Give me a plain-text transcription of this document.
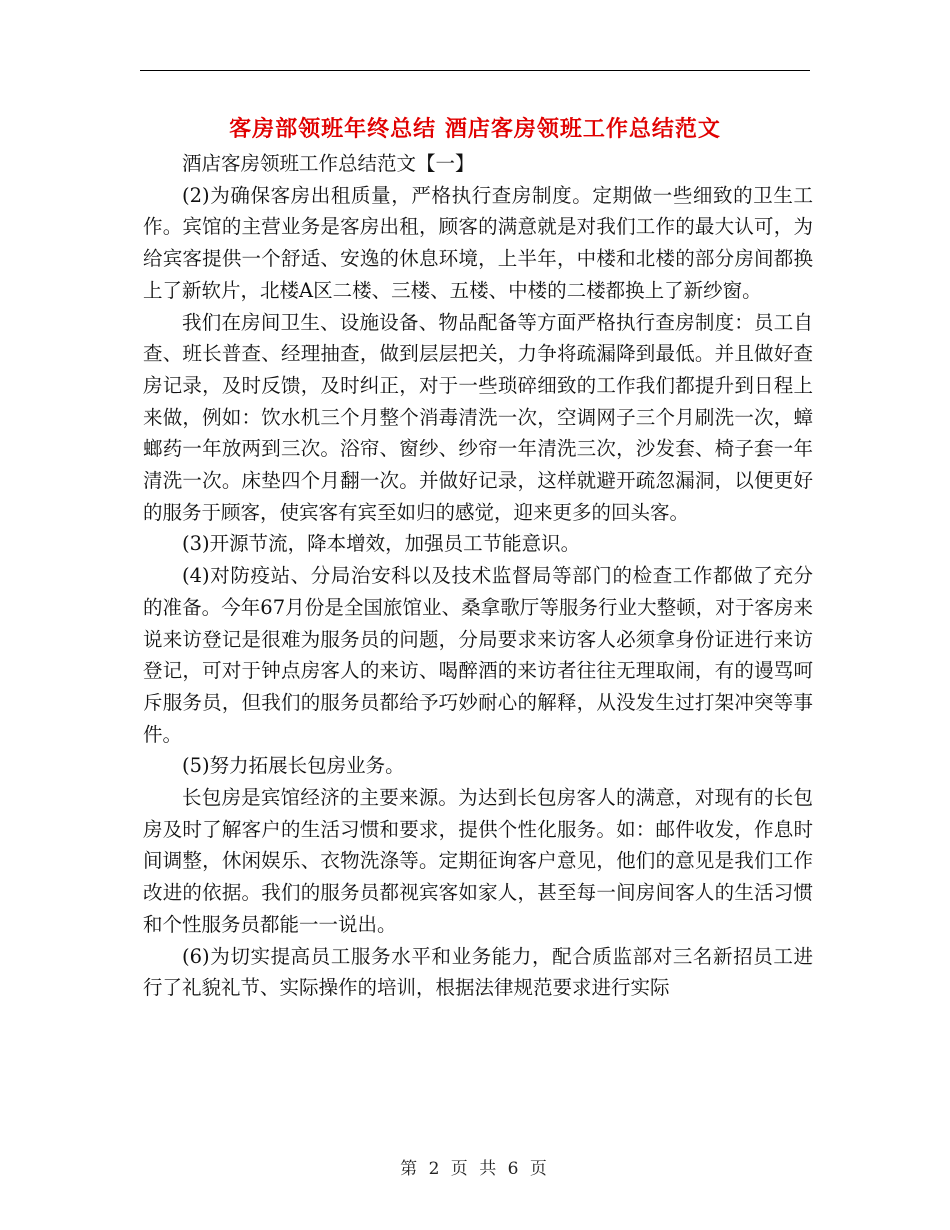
客房部领班年终总结 酒店客房领班工作总结范文

酒店客房领班工作总结范文【一】

(2)为确保客房出租质量，严格执行查房制度。定期做一些细致的卫生工作。宾馆的主营业务是客房出租，顾客的满意就是对我们工作的最大认可，为给宾客提供一个舒适、安逸的休息环境，上半年，中楼和北楼的部分房间都换上了新软片，北楼A区二楼、三楼、五楼、中楼的二楼都换上了新纱窗。

我们在房间卫生、设施设备、物品配备等方面严格执行查房制度：员工自查、班长普查、经理抽查，做到层层把关，力争将疏漏降到最低。并且做好查房记录，及时反馈，及时纠正，对于一些琐碎细致的工作我们都提升到日程上来做，例如：饮水机三个月整个消毒清洗一次，空调网子三个月刷洗一次，蟑螂药一年放两到三次。浴帘、窗纱、纱帘一年清洗三次，沙发套、椅子套一年清洗一次。床垫四个月翻一次。并做好记录，这样就避开疏忽漏洞，以便更好的服务于顾客，使宾客有宾至如归的感觉，迎来更多的回头客。

(3)开源节流，降本增效，加强员工节能意识。

(4)对防疫站、分局治安科以及技术监督局等部门的检查工作都做了充分的准备。今年67月份是全国旅馆业、桑拿歌厅等服务行业大整顿，对于客房来说来访登记是很难为服务员的问题，分局要求来访客人必须拿身份证进行来访登记，可对于钟点房客人的来访、喝醉酒的来访者往往无理取闹，有的谩骂呵斥服务员，但我们的服务员都给予巧妙耐心的解释，从没发生过打架冲突等事件。

(5)努力拓展长包房业务。

长包房是宾馆经济的主要来源。为达到长包房客人的满意，对现有的长包房及时了解客户的生活习惯和要求，提供个性化服务。如：邮件收发，作息时间调整，休闲娱乐、衣物洗涤等。定期征询客户意见，他们的意见是我们工作改进的依据。我们的服务员都视宾客如家人，甚至每一间房间客人的生活习惯和个性服务员都能一一说出。

(6)为切实提高员工服务水平和业务能力，配合质监部对三名新招员工进行了礼貌礼节、实际操作的培训，根据法律规范要求进行实际

第 2 页 共 6 页
